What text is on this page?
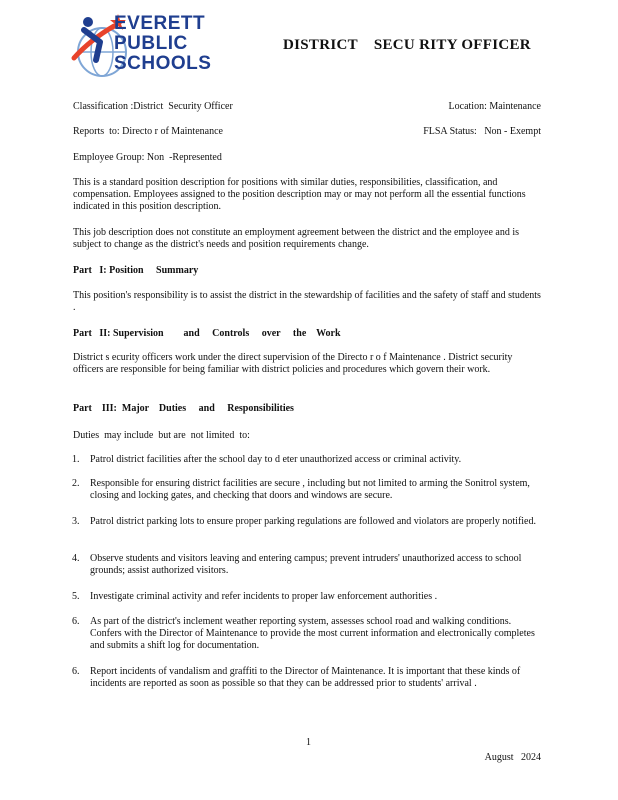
EVERETT
PUBLIC
SCHOOLS
DISTRICT    SECU RITY OFFICER
Classification :District  Security Officer	Location: Maintenance
Reports  to: Directo r of Maintenance	FLSA Status:   Non - Exempt
Employee Group: Non  -Represented
This is a standard position description for positions with similar duties, responsibilities, classification, and compensation. Employees assigned to the position description may or may not perform all the essential functions indicated in this position description.
This job description does not constitute an employment agreement between the district and the employee and is subject to change as the district's needs and position requirements change.
Part   I: Position     Summary
This position's responsibility is to assist the district in the stewardship of facilities and the safety of staff and students .
Part   II: Supervision        and     Controls     over     the    Work
District s ecurity officers work under the direct supervision of the Directo r o f Maintenance . District security officers are responsible for being familiar with district policies and procedures which govern their work.
Part    III:  Major    Duties     and     Responsibilities
Duties  may include  but are  not limited  to:
1. Patrol district facilities after the school day to d eter unauthorized access or criminal activity.
2. Responsible for ensuring district facilities are secure , including but not limited to arming the Sonitrol system, closing and locking gates, and checking that doors and windows are secure.
3. Patrol district parking lots to ensure proper parking regulations are followed and violators are properly notified.
4. Observe students and visitors leaving and entering campus; prevent intruders' unauthorized access to school grounds; assist authorized visitors.
5. Investigate criminal activity and refer incidents to proper law enforcement authorities .
6. As part of the district's inclement weather reporting system, assesses school road and walking conditions. Confers with the Director of Maintenance to provide the most current information and electronically completes and submits a shift log for documentation.
6. Report incidents of vandalism and graffiti to the Director of Maintenance. It is important that these kinds of incidents are reported as soon as possible so that they can be addressed prior to students' arrival .
1
August   2024
